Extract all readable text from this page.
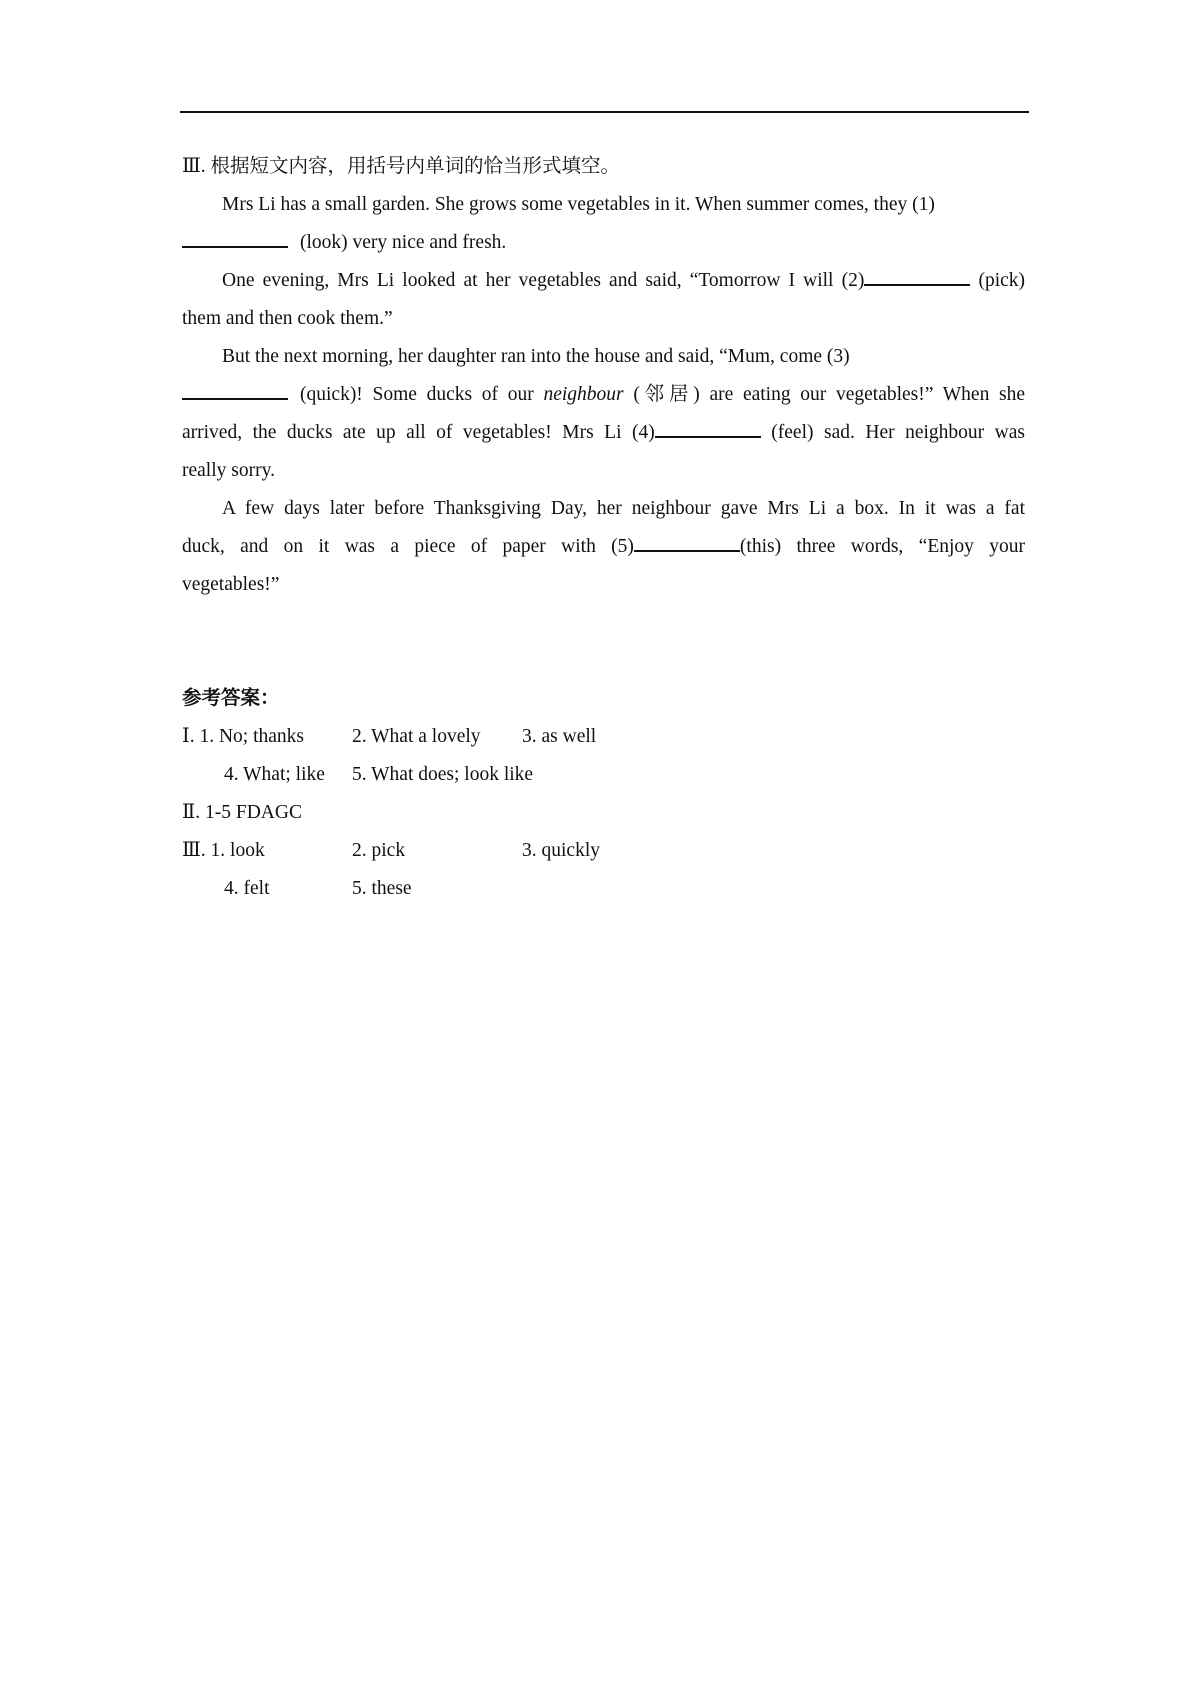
Ⅲ. 根据短文内容，用括号内单词的恰当形式填空。
Mrs Li has a small garden. She grows some vegetables in it. When summer comes, they (1)
(look) very nice and fresh.
One evening, Mrs Li looked at her vegetables and said, “Tomorrow I will (2)	(pick)
them and then cook them.”
But the next morning, her daughter ran into the house and said, “Mum, come (3)
(quick)! Some ducks of our neighbour (邻居) are eating our vegetables!” When she
arrived, the ducks ate up all of vegetables! Mrs Li (4)	(feel) sad. Her neighbour was
really sorry.
A few days later before Thanksgiving Day, her neighbour gave Mrs Li a box. In it was a fat
duck, and on it was a piece of paper with (5)	(this) three words, “Enjoy your
vegetables!”
参考答案：
Ⅰ. 1. No; thanks 2. What a lovely 3. as well
4. What; like 5. What does; look like
Ⅱ. 1-5 FDAGC
Ⅲ. 1. look	2. pick	3. quickly
4. felt	5. these
